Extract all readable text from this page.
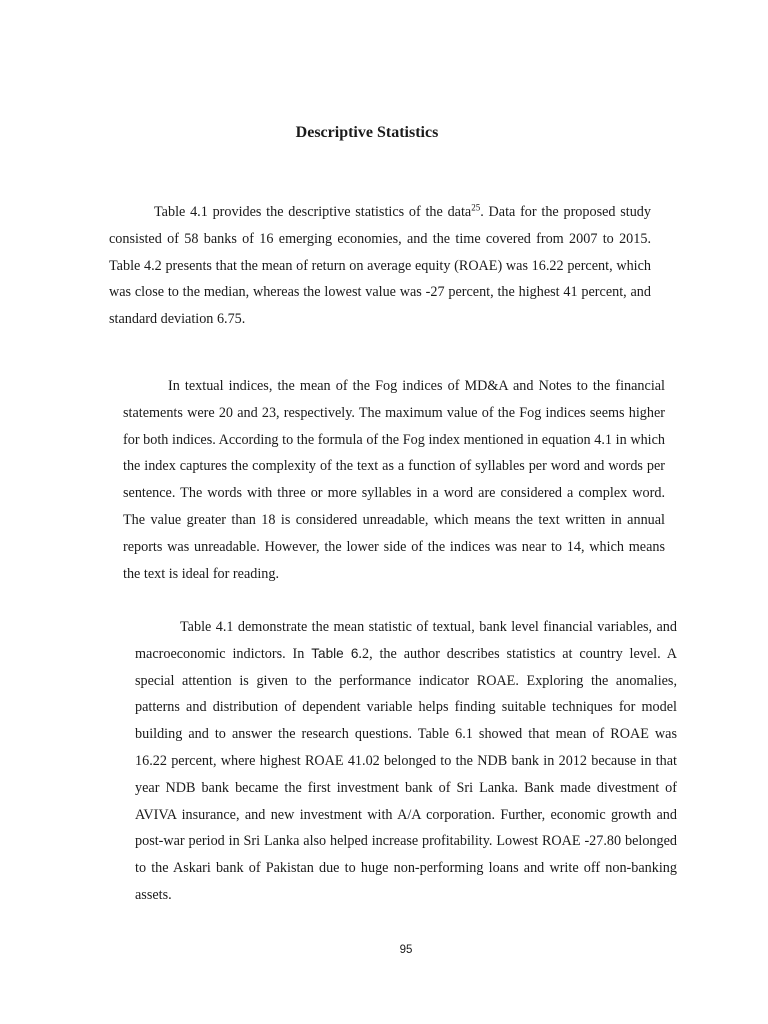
Descriptive Statistics

Table 4.1 provides the descriptive statistics of the data$^{25}$. Data for the proposed study consisted of 58 banks of 16 emerging economies, and the time covered from 2007 to 2015. Table 4.2 presents that the mean of return on average equity (ROAE) was 16.22 percent, which was close to the median, whereas the lowest value was -27 percent, the highest 41 percent, and standard deviation 6.75.

In textual indices, the mean of the Fog indices of MD&A and Notes to the financial statements were 20 and 23, respectively. The maximum value of the Fog indices seems higher for both indices. According to the formula of the Fog index mentioned in equation 4.1 in which the index captures the complexity of the text as a function of syllables per word and words per sentence. The words with three or more syllables in a word are considered a complex word. The value greater than 18 is considered unreadable, which means the text written in annual reports was unreadable. However, the lower side of the indices was near to 14, which means the text is ideal for reading.

Table 4.1 demonstrate the mean statistic of textual, bank level financial variables, and macroeconomic indictors. In Table 6.2, the author describes statistics at country level. A special attention is given to the performance indicator ROAE. Exploring the anomalies, patterns and distribution of dependent variable helps finding suitable techniques for model building and to answer the research questions. Table 6.1 showed that mean of ROAE was 16.22 percent, where highest ROAE 41.02 belonged to the NDB bank in 2012 because in that year NDB bank became the first investment bank of Sri Lanka. Bank made divestment of AVIVA insurance, and new investment with A/A corporation. Further, economic growth and post-war period in Sri Lanka also helped increase profitability. Lowest ROAE -27.80 belonged to the Askari bank of Pakistan due to huge non-performing loans and write off non-banking assets.

95
